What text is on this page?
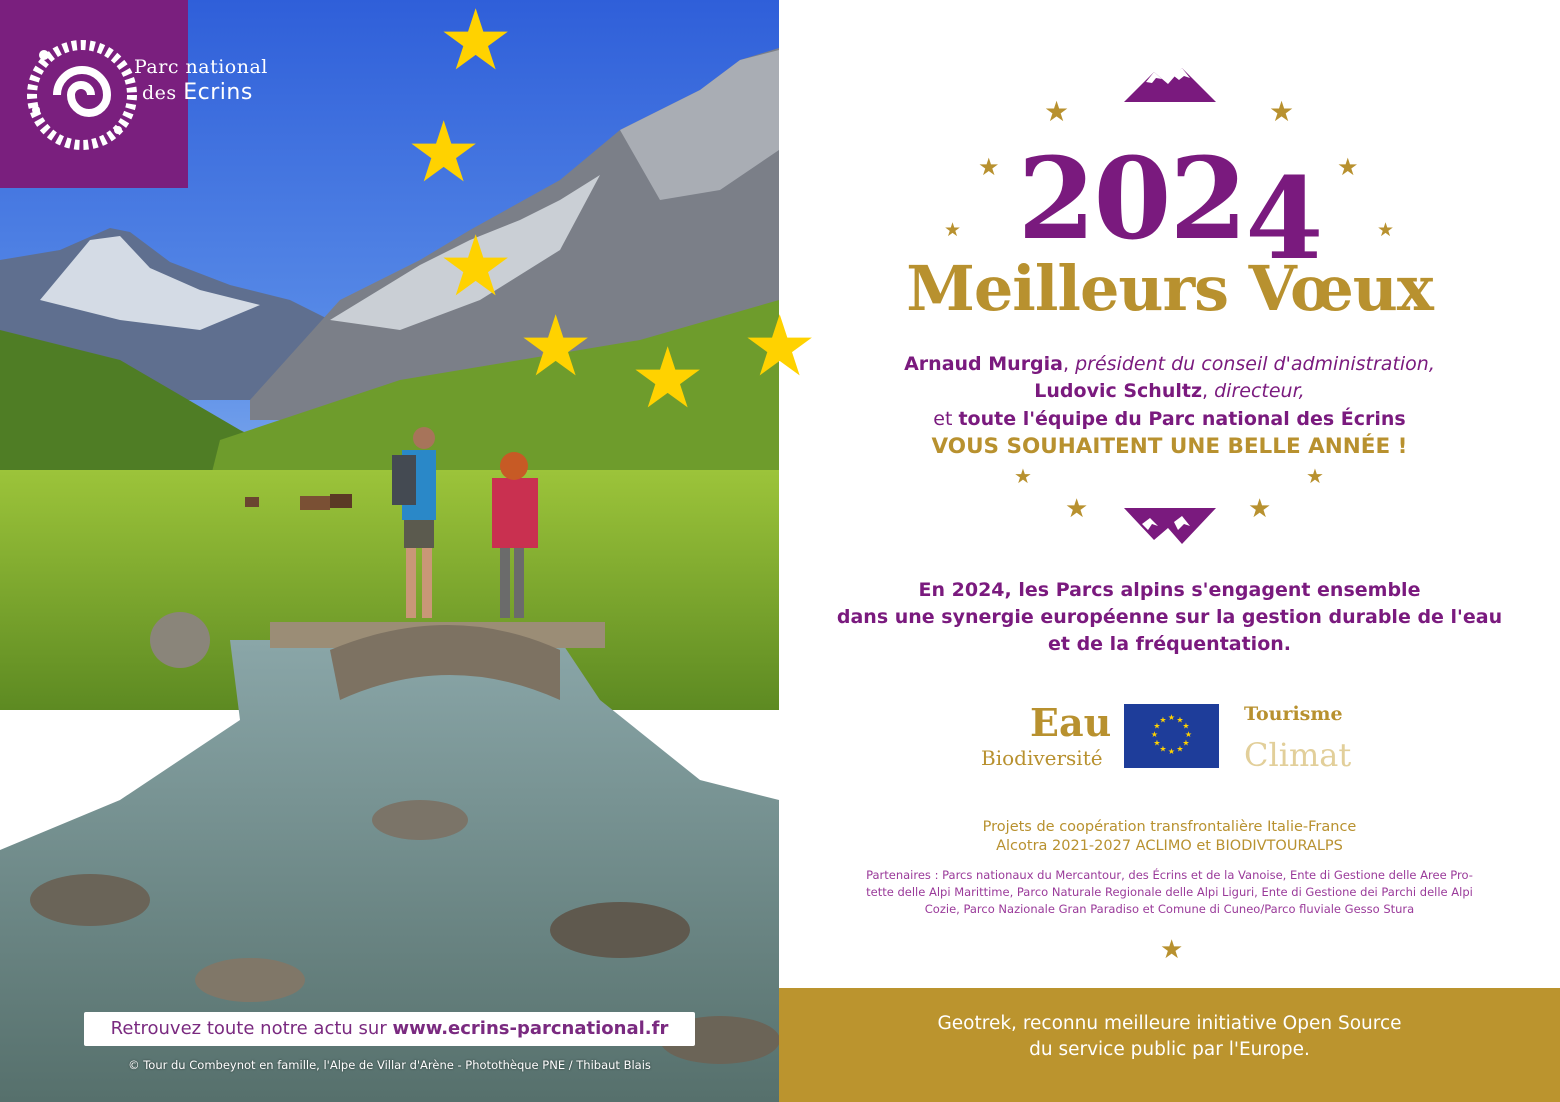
★
★
★
★ ★ ★
Parc national
des Ecrins
Retrouvez toute notre actu sur www.ecrins-parcnational.fr
© Tour du Combeynot en famille, l'Alpe de Villar d'Arène - Photothèque PNE / Thibaut Blais
★	★
★	★
★	★
2024
Meilleurs Vœux
Arnaud Murgia, président du conseil d'administration,
Ludovic Schultz, directeur,
et toute l'équipe du Parc national des Écrins
VOUS SOUHAITENT UNE BELLE ANNÉE !
★	★
★	★
En 2024, les Parcs alpins s'engagent ensemble
dans une synergie européenne sur la gestion durable de l'eau
et de la fréquentation.
Eau
Biodiversité
★ ★
★
★
★
★
★
★
★
★
★
★	Tourisme
Climat
Projets de coopération transfrontalière Italie-France
Alcotra 2021-2027 ACLIMO et BIODIVTOURALPS
Partenaires : Parcs nationaux du Mercantour, des Écrins et de la Vanoise, Ente di Gestione delle Aree Pro-
tette delle Alpi Marittime, Parco Naturale Regionale delle Alpi Liguri, Ente di Gestione dei Parchi delle Alpi
Cozie, Parco Nazionale Gran Paradiso et Comune di Cuneo/Parco fluviale Gesso Stura
★
Geotrek, reconnu meilleure initiative Open Source
du service public par l'Europe.
